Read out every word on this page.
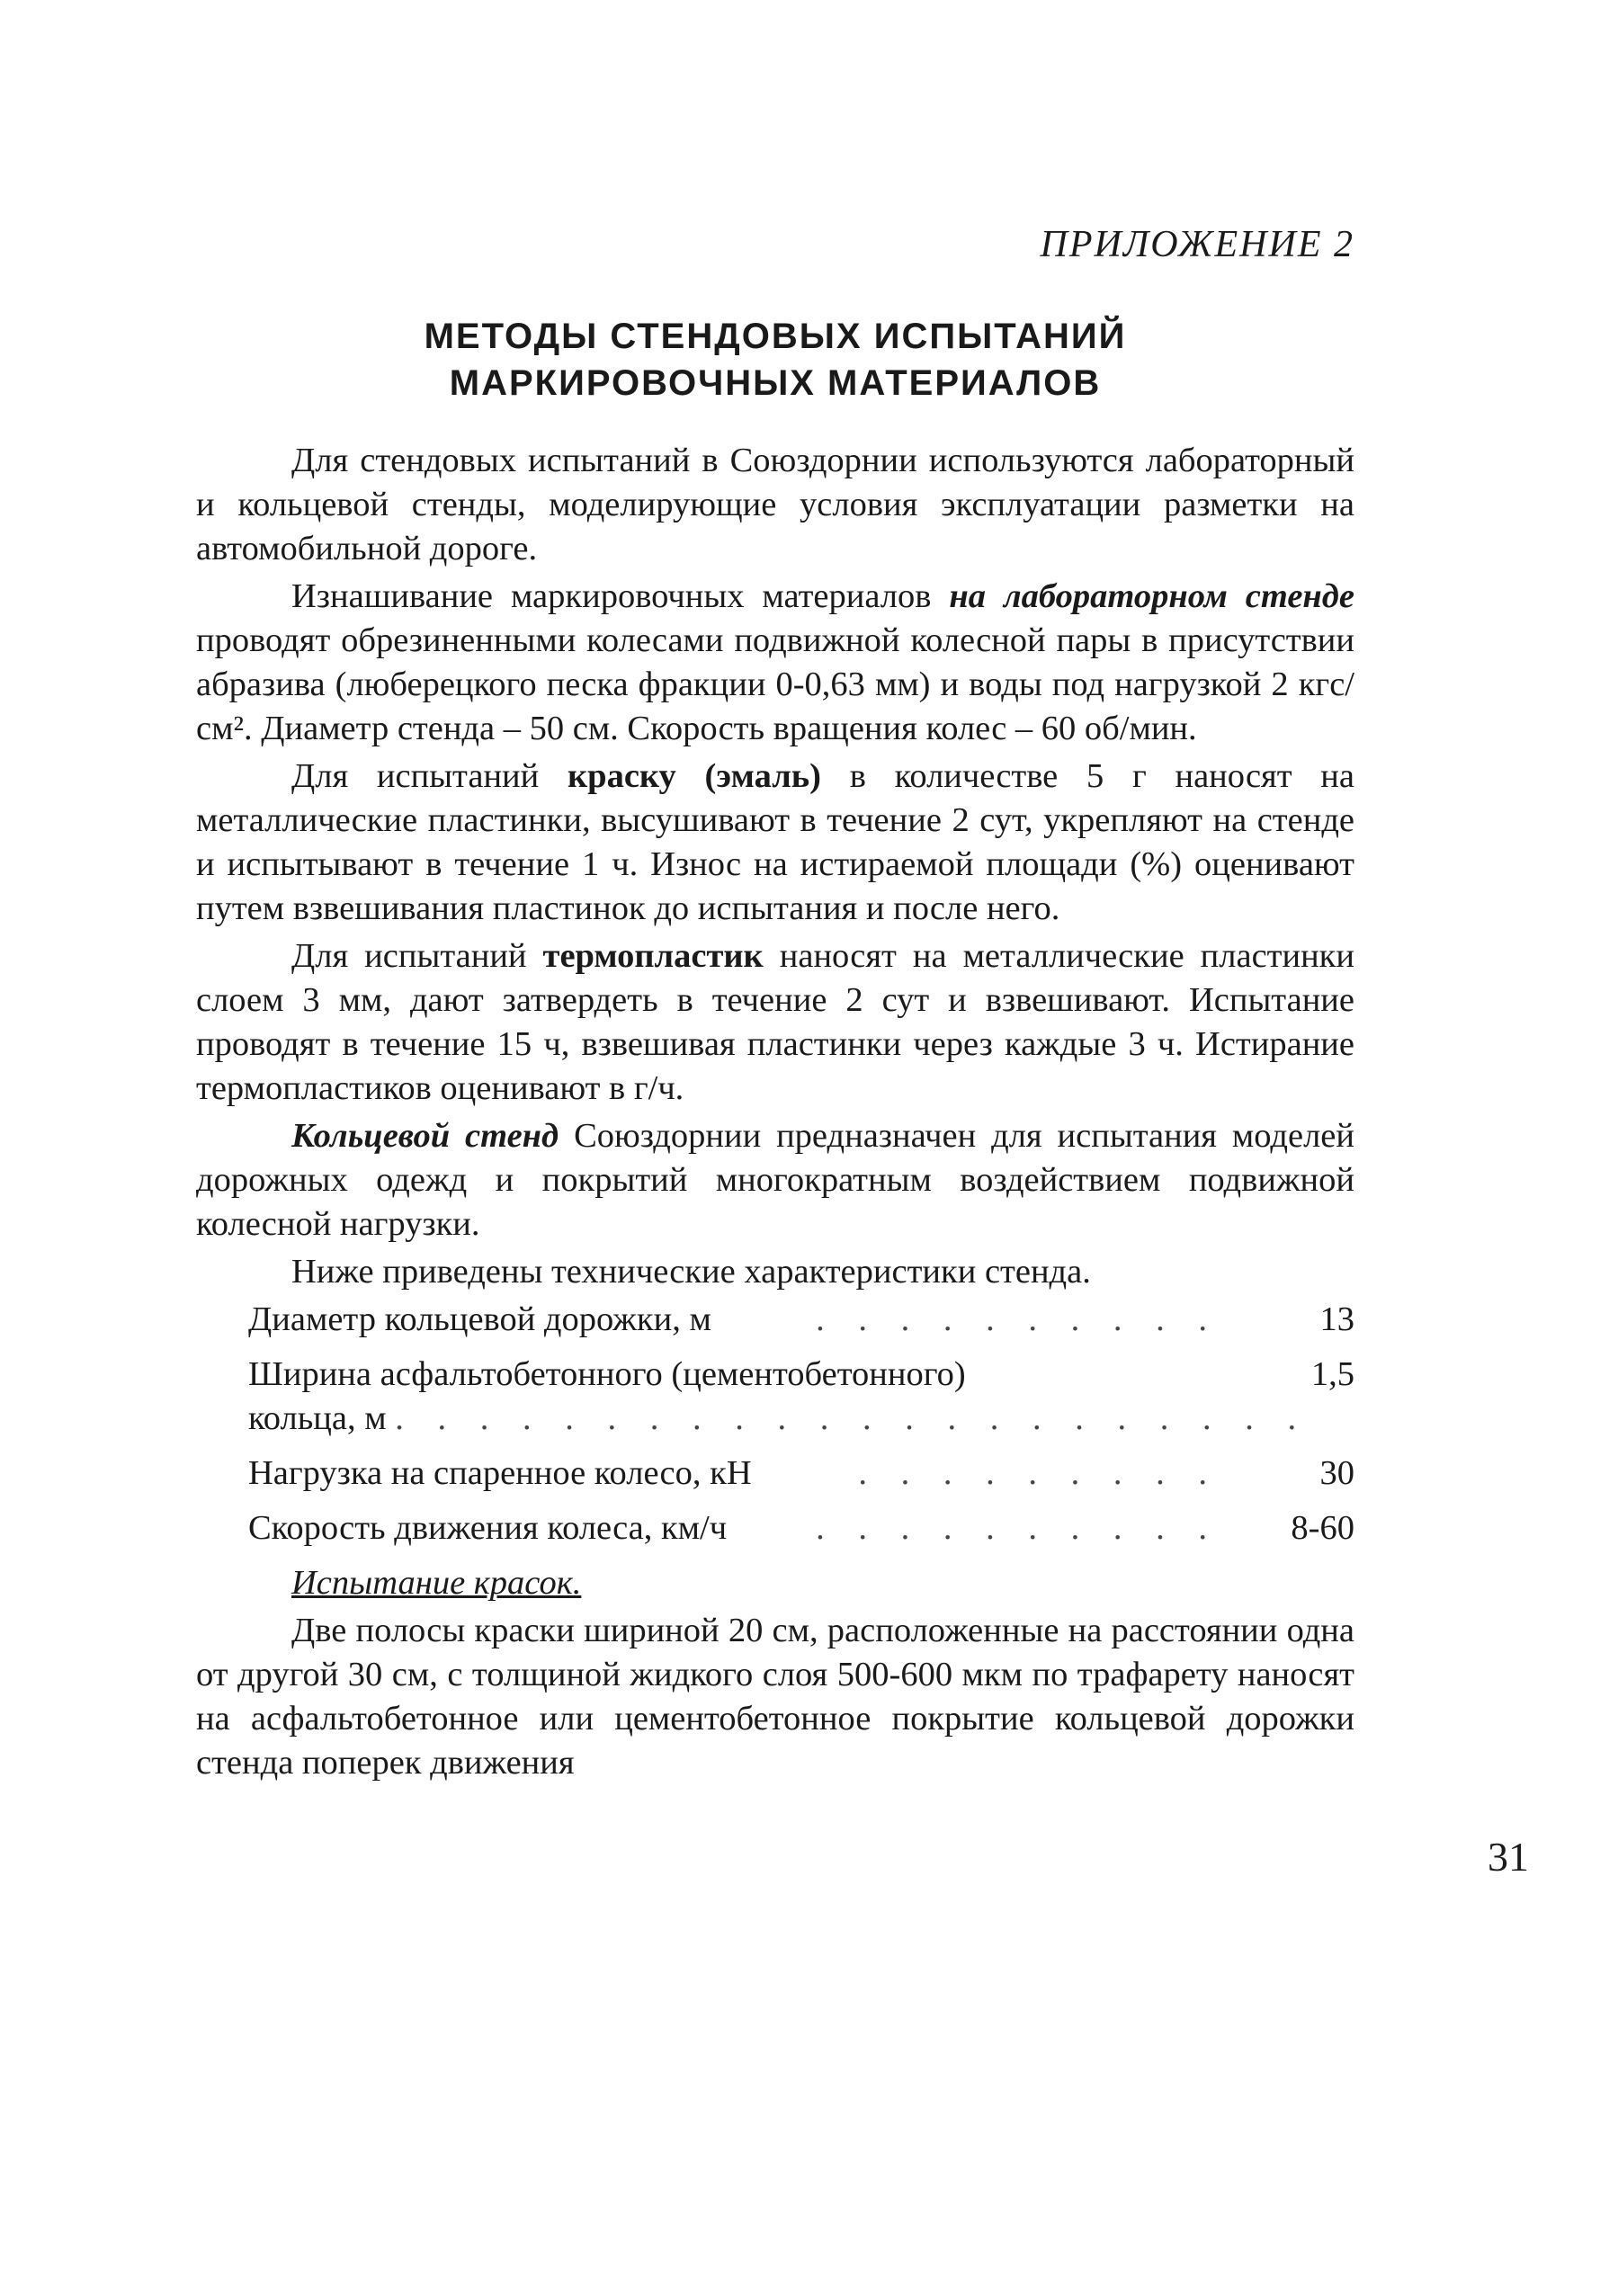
ПРИЛОЖЕНИЕ 2
МЕТОДЫ СТЕНДОВЫХ ИСПЫТАНИЙ
МАРКИРОВОЧНЫХ МАТЕРИАЛОВ

Для стендовых испытаний в Союздорнии используются лабораторный и кольцевой стенды, моделирующие условия эксплуатации разметки на автомобильной дороге.

Изнашивание маркировочных материалов на лабораторном стенде проводят обрезиненными колесами подвижной колесной пары в присутствии абразива (люберецкого песка фракции 0-0,63 мм) и воды под нагрузкой 2 кгс/см². Диаметр стенда – 50 см. Скорость вращения колес – 60 об/мин.

Для испытаний краску (эмаль) в количестве 5 г наносят на металлические пластинки, высушивают в течение 2 сут, укрепляют на стенде и испытывают в течение 1 ч. Износ на истираемой площади (%) оценивают путем взвешивания пластинок до испытания и после него.

Для испытаний термопластик наносят на металлические пластинки слоем 3 мм, дают затвердеть в течение 2 сут и взвешивают. Испытание проводят в течение 15 ч, взвешивая пластинки через каждые 3 ч. Истирание термопластиков оценивают в г/ч.

Кольцевой стенд Союздорнии предназначен для испытания моделей дорожных одежд и покрытий многократным воздействием подвижной колесной нагрузки.

Ниже приведены технические характеристики стенда.

Диаметр кольцевой дорожки, м	. . . . . . . . . .	13
Ширина асфальтобетонного (цементобетонного)	1,5
кольца, м . . . . . . . . . . . . . . . . . . . . . .
Нагрузка на спаренное колесо, кН	. . . . . . . . .	30
Скорость движения колеса, км/ч	. . . . . . . . . .	8-60

Испытание красок.

Две полосы краски шириной 20 см, расположенные на расстоянии одна от другой 30 см, с толщиной жидкого слоя 500-600 мкм по трафарету наносят на асфальтобетонное или цементобетонное покрытие кольцевой дорожки стенда поперек движения

31
